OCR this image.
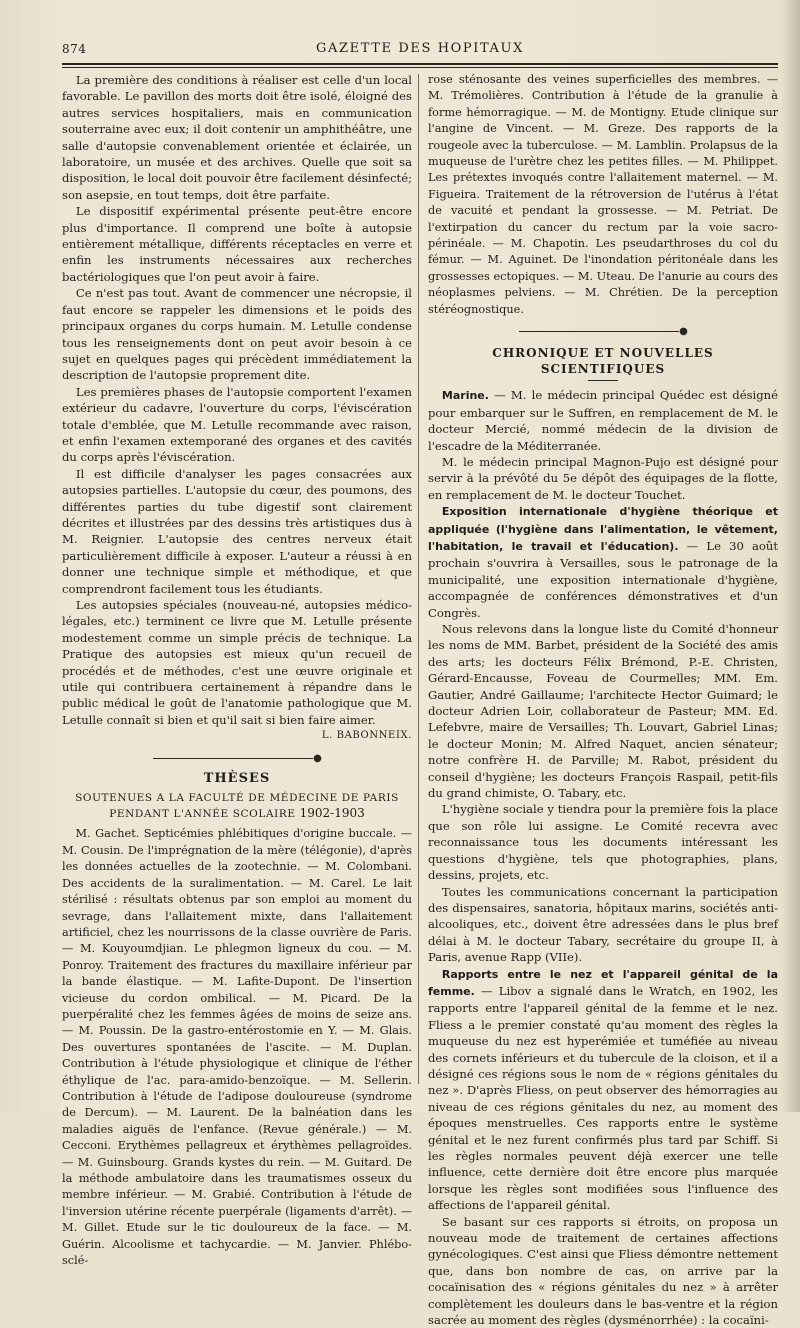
874	GAZETTE DES HOPITAUX

La première des conditions à réaliser est celle d'un local favorable. Le pavillon des morts doit être isolé, éloigné des autres services hospitaliers, mais en communication souterraine avec eux; il doit contenir un amphithéâtre, une salle d'autopsie convenablement orientée et éclairée, un laboratoire, un musée et des archives. Quelle que soit sa disposition, le local doit pouvoir être facilement désinfecté; son asepsie, en tout temps, doit être parfaite.

Le dispositif expérimental présente peut-être encore plus d'importance. Il comprend une boîte à autopsie entièrement métallique, différents réceptacles en verre et enfin les instruments nécessaires aux recherches bactériologiques que l'on peut avoir à faire.

Ce n'est pas tout. Avant de commencer une nécropsie, il faut encore se rappeler les dimensions et le poids des principaux organes du corps humain. M. Letulle condense tous les renseignements dont on peut avoir besoin à ce sujet en quelques pages qui précèdent immédiatement la description de l'autopsie proprement dite.

Les premières phases de l'autopsie comportent l'examen extérieur du cadavre, l'ouverture du corps, l'éviscération totale d'emblée, que M. Letulle recommande avec raison, et enfin l'examen extemporané des organes et des cavités du corps après l'éviscération.

Il est difficile d'analyser les pages consacrées aux autopsies partielles. L'autopsie du cœur, des poumons, des différentes parties du tube digestif sont clairement décrites et illustrées par des dessins très artistiques dus à M. Reignier. L'autopsie des centres nerveux était particulièrement difficile à exposer. L'auteur a réussi à en donner une technique simple et méthodique, et que comprendront facilement tous les étudiants.

Les autopsies spéciales (nouveau-né, autopsies médico-légales, etc.) terminent ce livre que M. Letulle présente modestement comme un simple précis de technique. La Pratique des autopsies est mieux qu'un recueil de procédés et de méthodes, c'est une œuvre originale et utile qui contribuera certainement à répandre dans le public médical le goût de l'anatomie pathologique que M. Letulle connaît si bien et qu'il sait si bien faire aimer.

L. BABONNEIX.
●
THÈSES
SOUTENUES A LA FACULTÉ DE MÉDECINE DE PARIS
PENDANT L'ANNÉE SCOLAIRE 1902-1903

M. Gachet. Septicémies phlébitiques d'origine buccale. — M. Cousin. De l'imprégnation de la mère (télégonie), d'après les données actuelles de la zootechnie. — M. Colombani. Des accidents de la suralimentation. — M. Carel. Le lait stérilisé : résultats obtenus par son emploi au moment du sevrage, dans l'allaitement mixte, dans l'allaitement artificiel, chez les nourrissons de la classe ouvrière de Paris. — M. Kouyoumdjian. Le phlegmon ligneux du cou. — M. Ponroy. Traitement des fractures du maxillaire inférieur par la bande élastique. — M. Lafite-Dupont. De l'insertion vicieuse du cordon ombilical. — M. Picard. De la puerpéralité chez les femmes âgées de moins de seize ans. — M. Poussin. De la gastro-entérostomie en Y. — M. Glais. Des ouvertures spontanées de l'ascite. — M. Duplan. Contribution à l'étude physiologique et clinique de l'éther éthylique de l'ac. para-amido-benzoïque. — M. Sellerin. Contribution à l'étude de l'adipose douloureuse (syndrome de Dercum). — M. Laurent. De la balnéation dans les maladies aiguës de l'enfance. (Revue générale.) — M. Cecconi. Erythèmes pellagreux et érythèmes pellagroïdes. — M. Guinsbourg. Grands kystes du rein. — M. Guitard. De la méthode ambulatoire dans les traumatismes osseux du membre inférieur. — M. Grabié. Contribution à l'étude de l'inversion utérine récente puerpérale (ligaments d'arrêt). — M. Gillet. Etude sur le tic douloureux de la face. — M. Guérin. Alcoolisme et tachycardie. — M. Janvier. Phlébo-sclé-

rose sténosante des veines superficielles des membres. — M. Trémolières. Contribution à l'étude de la granulie à forme hémorragique. — M. de Montigny. Etude clinique sur l'angine de Vincent. — M. Greze. Des rapports de la rougeole avec la tuberculose. — M. Lamblin. Prolapsus de la muqueuse de l'urètre chez les petites filles. — M. Philippet. Les prétextes invoqués contre l'allaitement maternel. — M. Figueira. Traitement de la rétroversion de l'utérus à l'état de vacuité et pendant la grossesse. — M. Petriat. De l'extirpation du cancer du rectum par la voie sacro-périnéale. — M. Chapotin. Les pseudarthroses du col du fémur. — M. Aguinet. De l'inondation péritonéale dans les grossesses ectopiques. — M. Uteau. De l'anurie au cours des néoplasmes pelviens. — M. Chrétien. De la perception stéréognostique.

●
CHRONIQUE ET NOUVELLES SCIENTIFIQUES

Marine. — M. le médecin principal Quédec est désigné pour embarquer sur le Suffren, en remplacement de M. le docteur Mercié, nommé médecin de la division de l'escadre de la Méditerranée.

M. le médecin principal Magnon-Pujo est désigné pour servir à la prévôté du 5e dépôt des équipages de la flotte, en remplacement de M. le docteur Touchet.

Exposition internationale d'hygiène théorique et appliquée (l'hygiène dans l'alimentation, le vêtement, l'habitation, le travail et l'éducation). — Le 30 août prochain s'ouvrira à Versailles, sous le patronage de la municipalité, une exposition internationale d'hygiène, accompagnée de conférences démonstratives et d'un Congrès.

Nous relevons dans la longue liste du Comité d'honneur les noms de MM. Barbet, président de la Société des amis des arts; les docteurs Félix Brémond, P.-E. Christen, Gérard-Encausse, Foveau de Courmelles; MM. Em. Gautier, André Gaillaume; l'architecte Hector Guimard; le docteur Adrien Loir, collaborateur de Pasteur; MM. Ed. Lefebvre, maire de Versailles; Th. Louvart, Gabriel Linas; le docteur Monin; M. Alfred Naquet, ancien sénateur; notre confrère H. de Parville; M. Rabot, président du conseil d'hygiène; les docteurs François Raspail, petit-fils du grand chimiste, O. Tabary, etc.

L'hygiène sociale y tiendra pour la première fois la place que son rôle lui assigne. Le Comité recevra avec reconnaissance tous les documents intéressant les questions d'hygiène, tels que photographies, plans, dessins, projets, etc.

Toutes les communications concernant la participation des dispensaires, sanatoria, hôpitaux marins, sociétés anti-alcooliques, etc., doivent être adressées dans le plus bref délai à M. le docteur Tabary, secrétaire du groupe II, à Paris, avenue Rapp (VIIe).

Rapports entre le nez et l'appareil génital de la femme. — Libov a signalé dans le Wratch, en 1902, les rapports entre l'appareil génital de la femme et le nez. Fliess a le premier constaté qu'au moment des règles la muqueuse du nez est hyperémiée et tuméfiée au niveau des cornets inférieurs et du tubercule de la cloison, et il a désigné ces régions sous le nom de « régions génitales du nez ». D'après Fliess, on peut observer des hémorragies au niveau de ces régions génitales du nez, au moment des époques menstruelles. Ces rapports entre le système génital et le nez furent confirmés plus tard par Schiff. Si les règles normales peuvent déjà exercer une telle influence, cette dernière doit être encore plus marquée lorsque les règles sont modifiées sous l'influence des affections de l'appareil génital.

Se basant sur ces rapports si étroits, on proposa un nouveau mode de traitement de certaines affections gynécologiques. C'est ainsi que Fliess démontre nettement que, dans bon nombre de cas, on arrive par la cocaïnisation des « régions génitales du nez » à arrêter complètement les douleurs dans le bas-ventre et la région sacrée au moment des règles (dysménorrhée) : la cocaïni-
